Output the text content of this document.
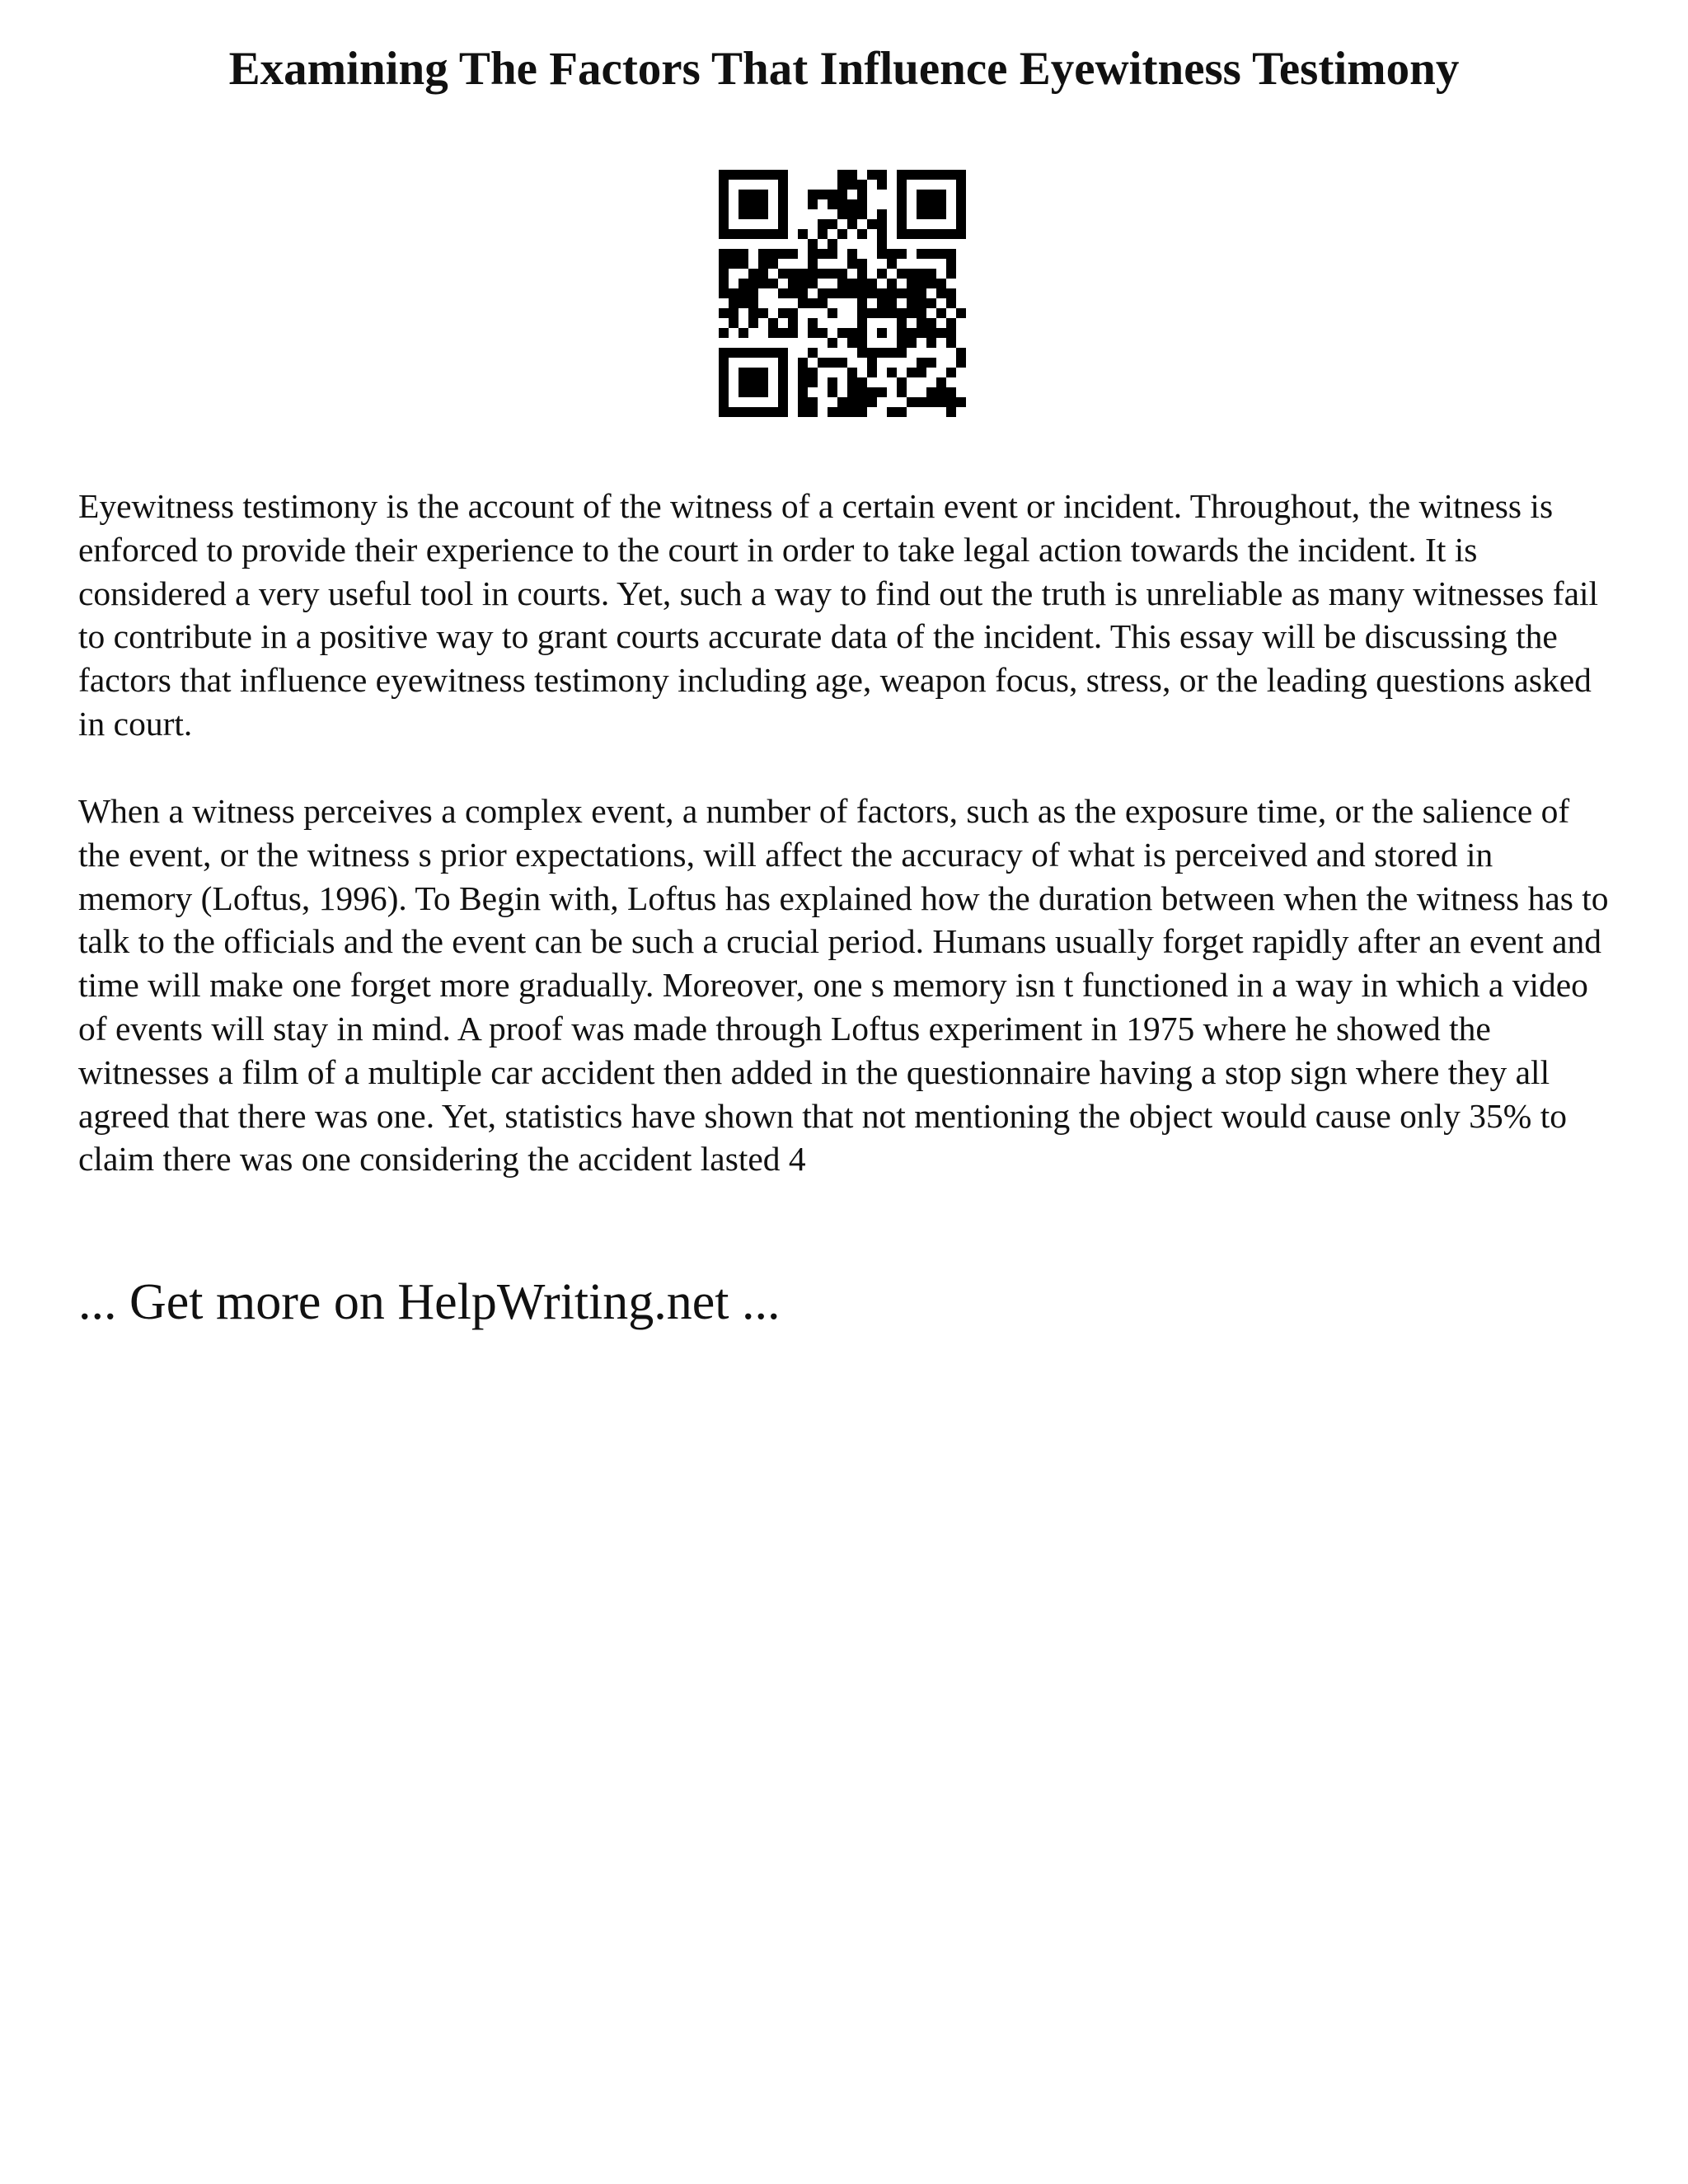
Examining The Factors That Influence Eyewitness Testimony

Eyewitness testimony is the account of the witness of a certain event or incident. Throughout, the witness is enforced to provide their experience to the court in order to take legal action towards the incident. It is considered a very useful tool in courts. Yet, such a way to find out the truth is unreliable as many witnesses fail to contribute in a positive way to grant courts accurate data of the incident. This essay will be discussing the factors that influence eyewitness testimony including age, weapon focus, stress, or the leading questions asked in court.

When a witness perceives a complex event, a number of factors, such as the exposure time, or the salience of the event, or the witness s prior expectations, will affect the accuracy of what is perceived and stored in memory (Loftus, 1996). To Begin with, Loftus has explained how the duration between when the witness has to talk to the officials and the event can be such a crucial period. Humans usually forget rapidly after an event and time will make one forget more gradually. Moreover, one s memory isn t functioned in a way in which a video of events will stay in mind. A proof was made through Loftus experiment in 1975 where he showed the witnesses a film of a multiple car accident then added in the questionnaire having a stop sign where they all agreed that there was one. Yet, statistics have shown that not mentioning the object would cause only 35% to claim there was one considering the accident lasted 4

... Get more on HelpWriting.net ...
